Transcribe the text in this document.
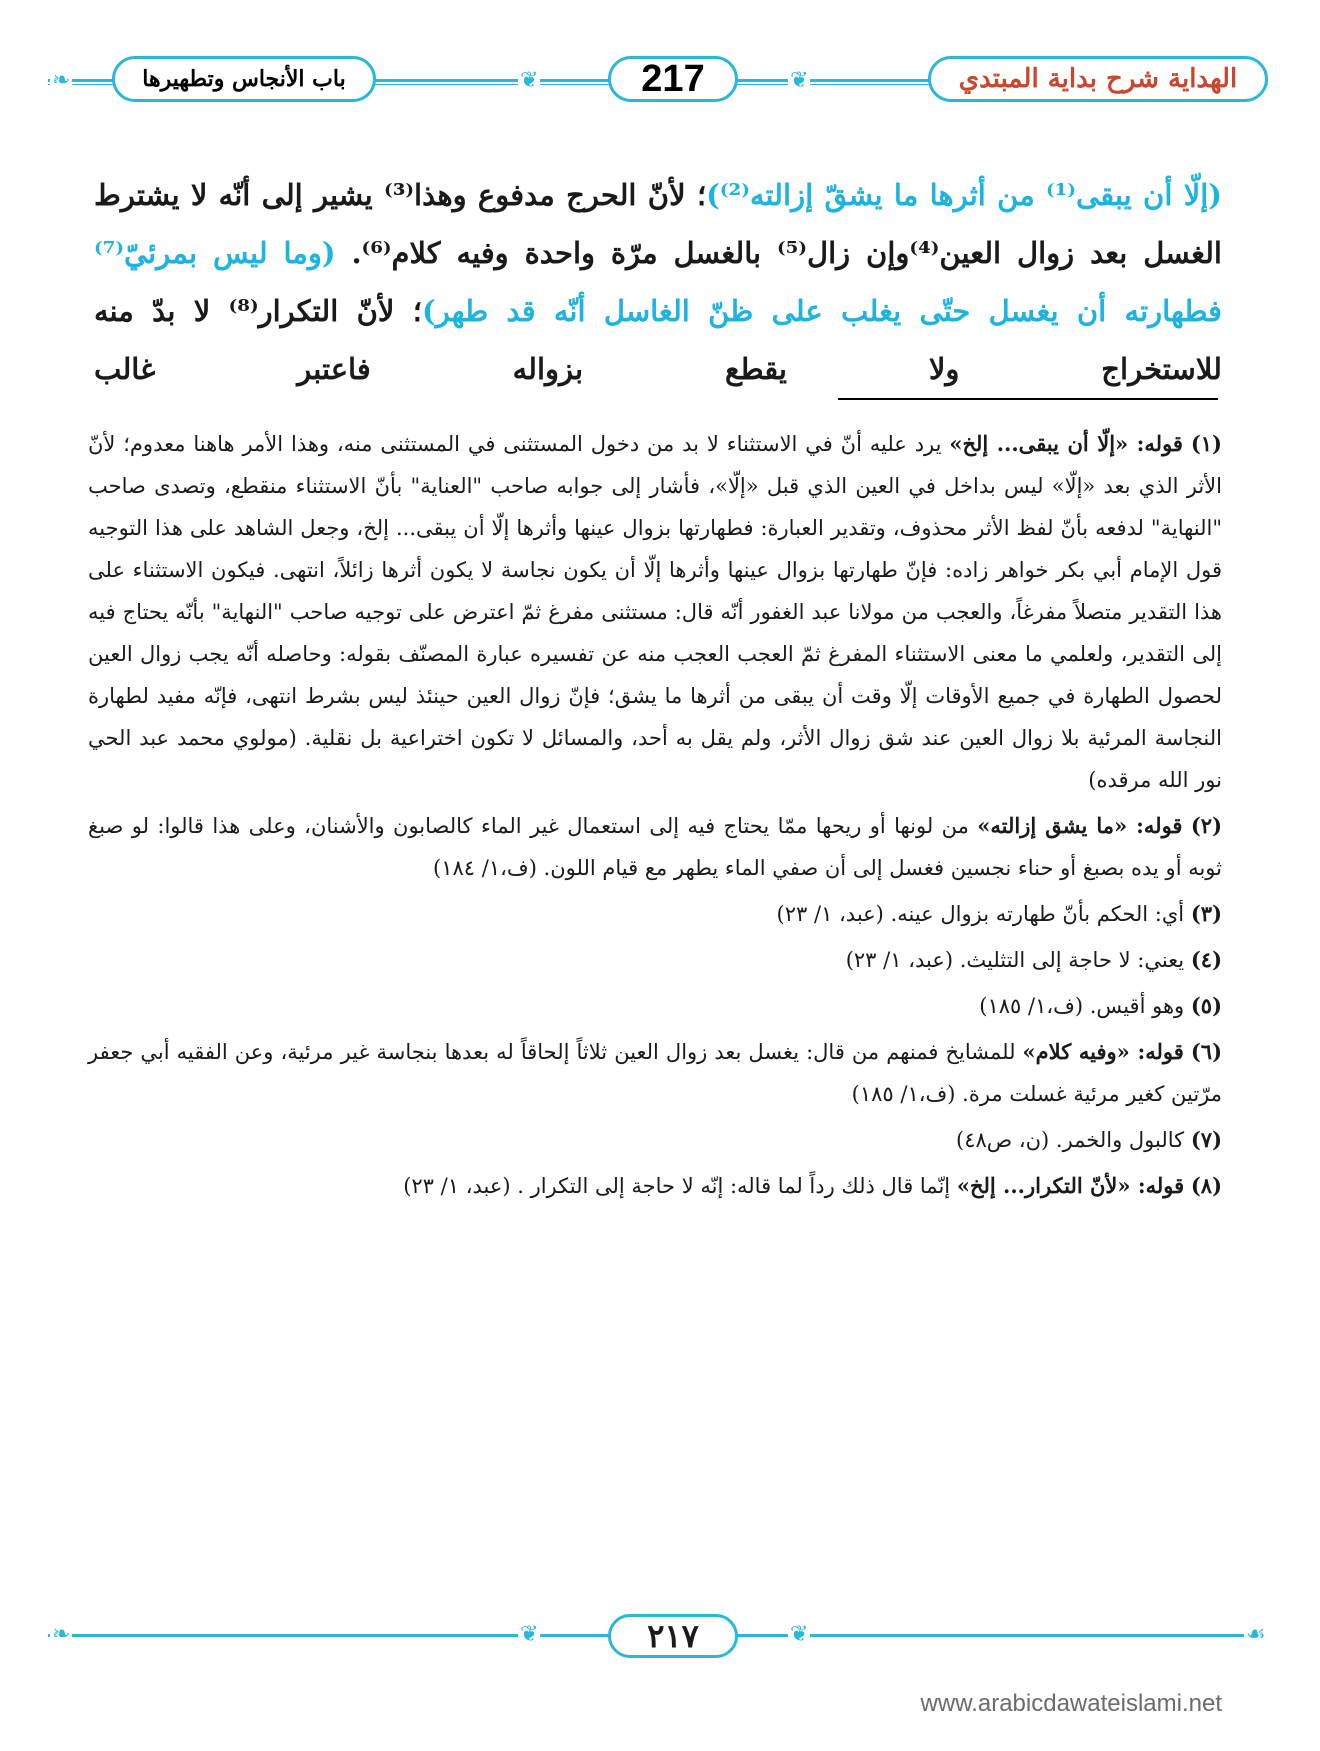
❧	❦	❦
باب الأنجاس وتطهيرها	217	الهداية شرح بداية المبتدي

(إلّا أن يبقى⁽¹⁾ من أثرها ما يشقّ إزالته⁽²⁾)؛ لأنّ الحرج مدفوع وهذا⁽³⁾ يشير إلى أنّه لا يشترط الغسل بعد زوال العين⁽⁴⁾وإن زال⁽⁵⁾ بالغسل مرّة واحدة وفيه كلام⁽⁶⁾. (وما ليس بمرئيّ⁽⁷⁾ فطهارته أن يغسل حتّى يغلب على ظنّ الغاسل أنّه قد طهر)؛ لأنّ التكرار⁽⁸⁾ لا بدّ منه للاستخراج ولا يقطع بزواله فاعتبر غالب

(١) قوله: «إلّا أن يبقى... إلخ» يرد عليه أنّ في الاستثناء لا بد من دخول المستثنى في المستثنى منه، وهذا الأمر هاهنا معدوم؛ لأنّ الأثر الذي بعد «إلّا» ليس بداخل في العين الذي قبل «إلّا»، فأشار إلى جوابه صاحب "العناية" بأنّ الاستثناء منقطع، وتصدى صاحب "النهاية" لدفعه بأنّ لفظ الأثر محذوف، وتقدير العبارة: فطهارتها بزوال عينها وأثرها إلّا أن يبقى... إلخ، وجعل الشاهد على هذا التوجيه قول الإمام أبي بكر خواهر زاده: فإنّ طهارتها بزوال عينها وأثرها إلّا أن يكون نجاسة لا يكون أثرها زائلاً، انتهى. فيكون الاستثناء على هذا التقدير متصلاً مفرغاً، والعجب من مولانا عبد الغفور أنّه قال: مستثنى مفرغ ثمّ اعترض على توجيه صاحب "النهاية" بأنّه يحتاج فيه إلى التقدير، ولعلمي ما معنى الاستثناء المفرغ ثمّ العجب العجب منه عن تفسيره عبارة المصنّف بقوله: وحاصله أنّه يجب زوال العين لحصول الطهارة في جميع الأوقات إلّا وقت أن يبقى من أثرها ما يشق؛ فإنّ زوال العين حينئذ ليس بشرط انتهى، فإنّه مفيد لطهارة النجاسة المرئية بلا زوال العين عند شق زوال الأثر، ولم يقل به أحد، والمسائل لا تكون اختراعية بل نقلية. (مولوي محمد عبد الحي نور الله مرقده)

(٢) قوله: «ما يشق إزالته» من لونها أو ريحها ممّا يحتاج فيه إلى استعمال غير الماء كالصابون والأشنان، وعلى هذا قالوا: لو صبغ ثوبه أو يده بصبغ أو حناء نجسين فغسل إلى أن صفي الماء يطهر مع قيام اللون. (ف،١/ ١٨٤)

(٣) أي: الحكم بأنّ طهارته بزوال عينه. (عبد، ١/ ٢٣)

(٤) يعني: لا حاجة إلى التثليث. (عبد، ١/ ٢٣)

(٥) وهو أقيس. (ف،١/ ١٨٥)

(٦) قوله: «وفيه كلام» للمشايخ فمنهم من قال: يغسل بعد زوال العين ثلاثاً إلحاقاً له بعدها بنجاسة غير مرئية، وعن الفقيه أبي جعفر مرّتين كغير مرئية غسلت مرة. (ف،١/ ١٨٥)

(٧) كالبول والخمر. (ن، ص٤٨)

(٨) قوله: «لأنّ التكرار... إلخ» إنّما قال ذلك رداً لما قاله: إنّه لا حاجة إلى التكرار . (عبد، ١/ ٢٣)

❧	❦	❦	☙
٢١٧
www.arabicdawateislami.net
